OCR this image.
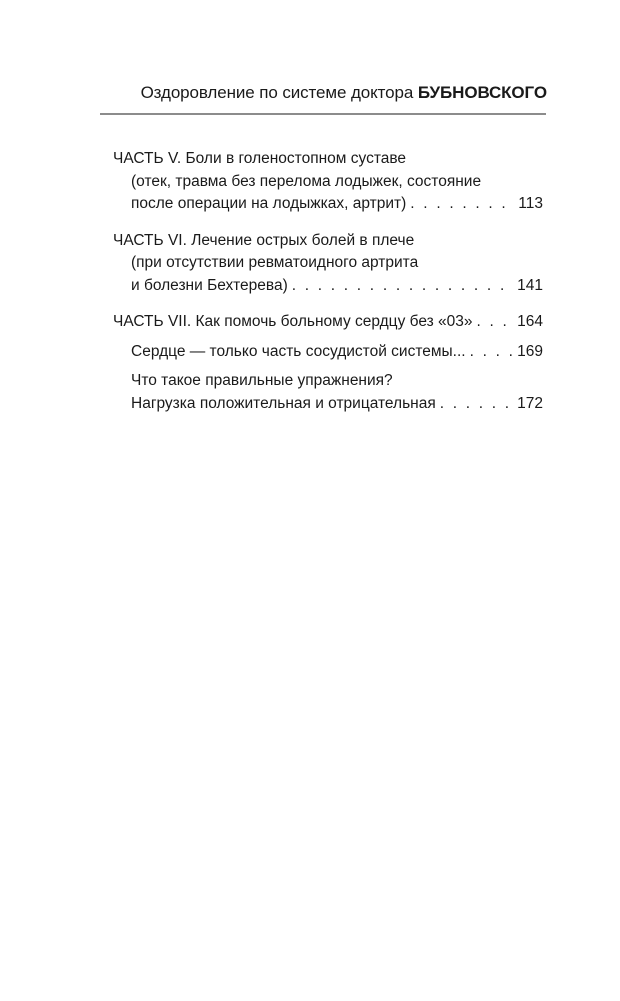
Оздоровление по системе доктора БУБНОВСКОГО
ЧАСТЬ V. Боли в голеностопном суставе
(отек, травма без перелома лодыжек, состояние
после операции на лодыжках, артрит) . . .	113
ЧАСТЬ VI. Лечение острых болей в плече
(при отсутствии ревматоидного артрита
и болезни Бехтерева) . . .	141
ЧАСТЬ VII. Как помочь больному сердцу без «03» . . .	164
Сердце — только часть сосудистой системы... . . .	169
Что такое правильные упражнения?
Нагрузка положительная и отрицательная . . .	172
